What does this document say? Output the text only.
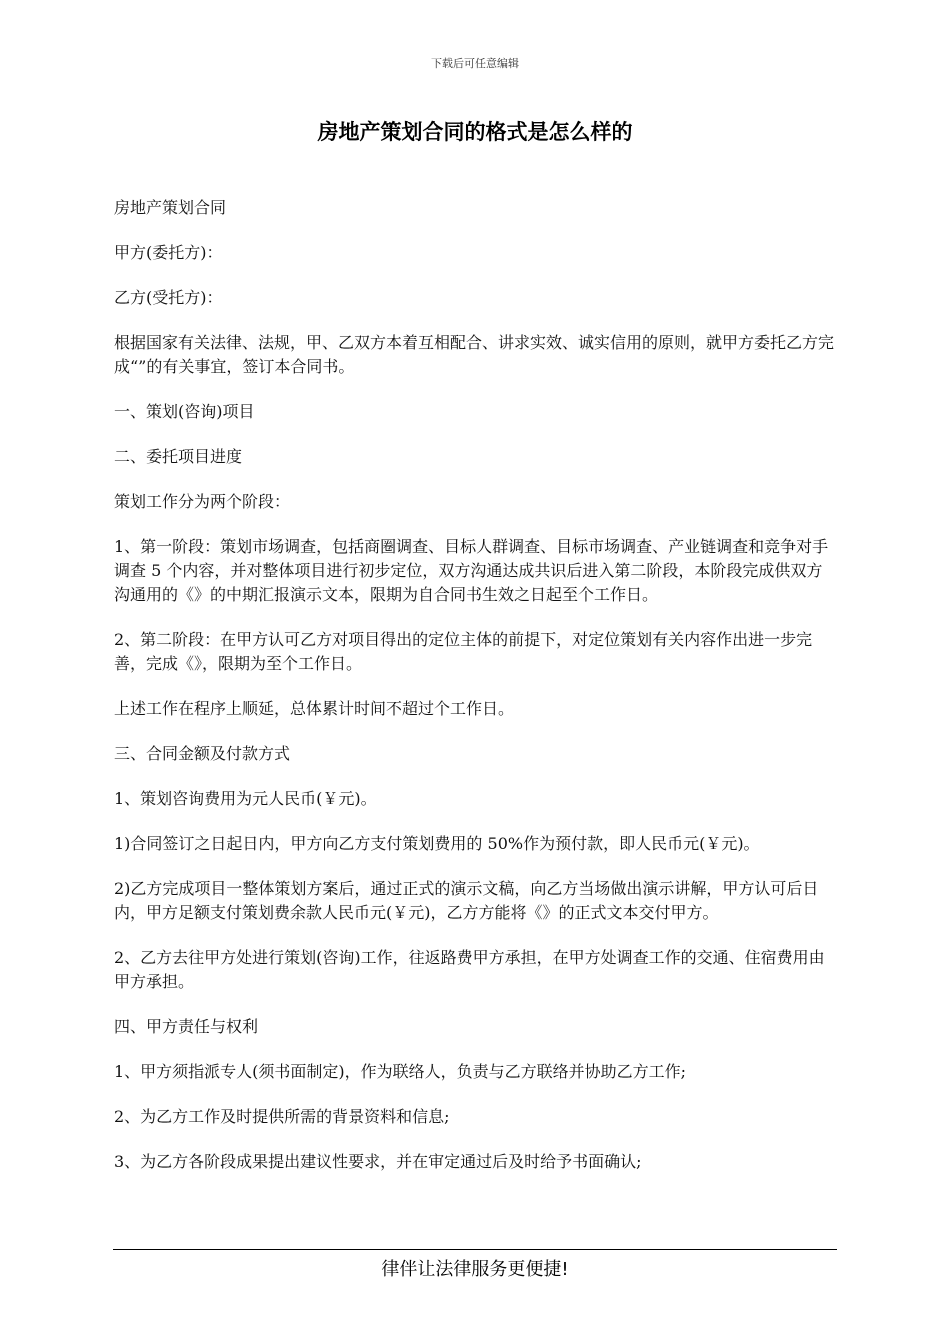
下载后可任意编辑
房地产策划合同的格式是怎么样的

房地产策划合同

甲方(委托方)：

乙方(受托方)：

根据国家有关法律、法规，甲、乙双方本着互相配合、讲求实效、诚实信用的原则，就甲方委托乙方完成“”的有关事宜，签订本合同书。

一、策划(咨询)项目

二、委托项目进度

策划工作分为两个阶段：

1、第一阶段：策划市场调查，包括商圈调查、目标人群调查、目标市场调查、产业链调查和竞争对手调查 5 个内容，并对整体项目进行初步定位，双方沟通达成共识后进入第二阶段，本阶段完成供双方沟通用的《》的中期汇报演示文本，限期为自合同书生效之日起至个工作日。

2、第二阶段：在甲方认可乙方对项目得出的定位主体的前提下，对定位策划有关内容作出进一步完善，完成《》，限期为至个工作日。

上述工作在程序上顺延，总体累计时间不超过个工作日。

三、合同金额及付款方式

1、策划咨询费用为元人民币(￥元)。

1)合同签订之日起日内，甲方向乙方支付策划费用的 50%作为预付款，即人民币元(￥元)。

2)乙方完成项目一整体策划方案后，通过正式的演示文稿，向乙方当场做出演示讲解，甲方认可后日内，甲方足额支付策划费余款人民币元(￥元)，乙方方能将《》的正式文本交付甲方。

2、乙方去往甲方处进行策划(咨询)工作，往返路费甲方承担，在甲方处调查工作的交通、住宿费用由甲方承担。

四、甲方责任与权利

1、甲方须指派专人(须书面制定)，作为联络人，负责与乙方联络并协助乙方工作;

2、为乙方工作及时提供所需的背景资料和信息;

3、为乙方各阶段成果提出建议性要求，并在审定通过后及时给予书面确认;

律伴让法律服务更便捷!
